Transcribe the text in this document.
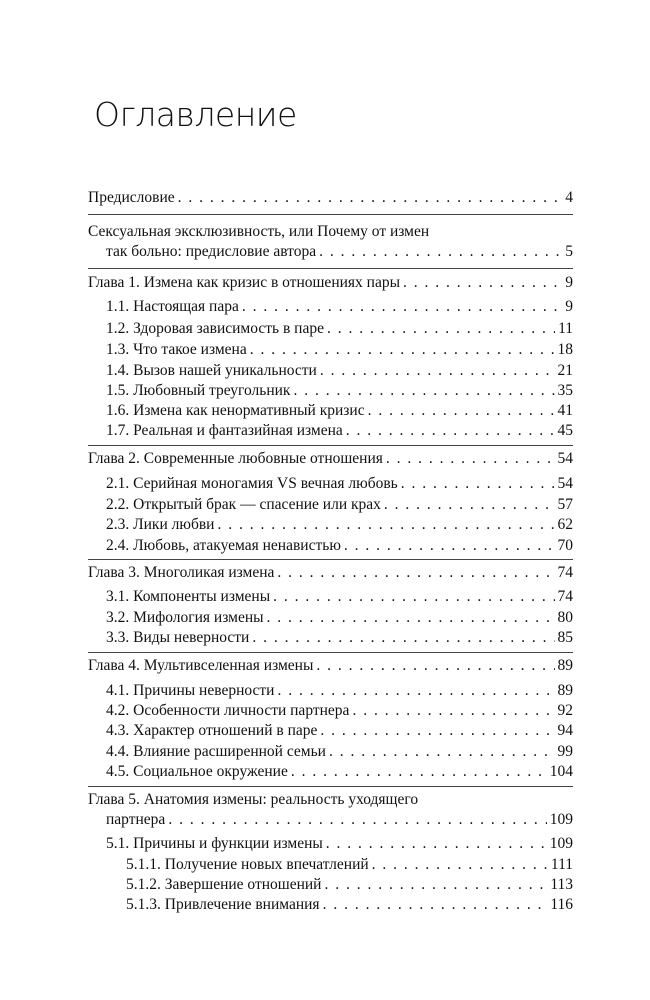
Оглавление
Предисловие . . .	4
Сексуальная эксклюзивность, или Почему от измен
так больно: предисловие автора . . .	5
Глава 1. Измена как кризис в отношениях пары . . .	9
1.1. Настоящая пара . . .	9
1.2. Здоровая зависимость в паре . . .	11
1.3. Что такое измена . . .	18
1.4. Вызов нашей уникальности . . .	21
1.5. Любовный треугольник . . .	35
1.6. Измена как ненормативный кризис . . .	41
1.7. Реальная и фантазийная измена . . .	45
Глава 2. Современные любовные отношения . . .	54
2.1. Серийная моногамия VS вечная любовь . . .	54
2.2. Открытый брак — спасение или крах . . .	57
2.3. Лики любви . . .	62
2.4. Любовь, атакуемая ненавистью . . .	70
Глава 3. Многоликая измена . . .	74
3.1. Компоненты измены . . .	74
3.2. Мифология измены . . .	80
3.3. Виды неверности . . .	85
Глава 4. Мультивселенная измены . . .	89
4.1. Причины неверности . . .	89
4.2. Особенности личности партнера . . .	92
4.3. Характер отношений в паре . . .	94
4.4. Влияние расширенной семьи . . .	99
4.5. Социальное окружение . . .	104
Глава 5. Анатомия измены: реальность уходящего
партнера . . .	109
5.1. Причины и функции измены . . .	109
5.1.1. Получение новых впечатлений . . .	111
5.1.2. Завершение отношений . . .	113
5.1.3. Привлечение внимания . . .	116
